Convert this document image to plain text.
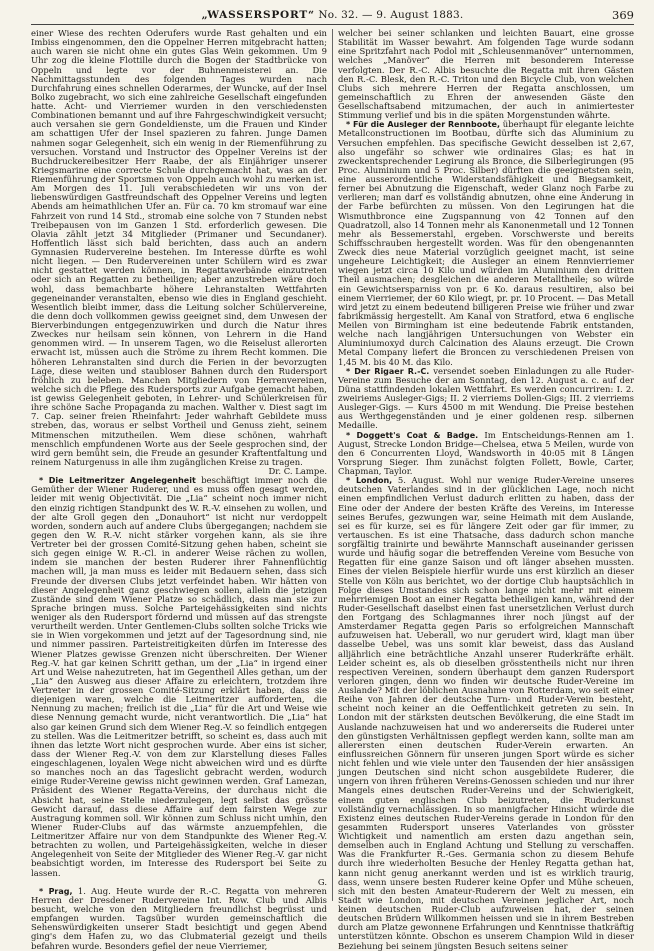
„WASSERSPORT“ No. 32. — 9. August 1883.	369

einer Wiese des rechten Oderufers wurde Rast gehalten und ein Imbiss eingenommen, den die Oppelner Herren mitgebracht hatten; auch waren sie nicht ohne ein gutes Glas Wein gekommen. Um 9 Uhr zog die kleine Flottille durch die Bogen der Stadtbrücke von Oppeln und legte vor der Buhnenmeisterei an. Die Nachmittagsstunden des folgenden Tages wurden nach Durchfahrung eines schnellen Oderarmes, der Wuncke, auf der Insel Bolko zugebracht, wo sich eine zahlreiche Gesellschaft eingefunden hatte. Acht- und Vierriemer wurden in den verschiedensten Combinationen bemannt und auf ihre Fahrgeschwindigkeit versucht; auch versahen sie gern Gondeldienste, um die Frauen und Kinder am schattigen Ufer der Insel spazieren zu fahren. Junge Damen nahmen sogar Gelegenheit, sich ein wenig in der Riemenführung zu versuchen. Vorstand und Instructor des Oppelner Vereins ist der Buchdruckereibesitzer Herr Raabe, der als Einjähriger unserer Kriegsmarine eine correcte Schule durchgemacht hat, was an der Riemenführung der Sportsmen von Oppeln auch wohl zu merken ist. Am Morgen des 11. Juli verabschiedeten wir uns von der liebenswürdigen Gastfreundschaft des Oppelner Vereins und legten Abends am heimathlichen Ufer an. Für ca. 70 km stromauf war eine Fahrzeit von rund 14 Std., stromab eine solche von 7 Stunden nebst Treibepausen von im Ganzen 1 Std. erforderlich gewesen. Die Olavia zählt jetzt 34 Mitglieder (Primaner und Secundaner). Hoffentlich lässt sich bald berichten, dass auch an andern Gymnasien Rudervereine bestehen. Im Interesse dürfte es wohl nicht liegen. — Den Rudervereinen unter Schülern wird es zwar nicht gestattet werden können, in Regattawerbände einzutreten oder sich an Regatten zu betheiligen; aber anzustreben wäre doch wohl, dass bemachbarte höhere Lehranstalten Wettfahrten gegeneinander veranstalten, ebenso wie dies in England geschieht. Wesentlich bleibt immer, dass die Leitung solcher Schülervereine, die denn doch vollkommen gewiss geeignet sind, dem Unwesen der Bierverbindungen entgegenzuwirken und durch die Natur ihres Zweckes nur heilsam sein können, von Lehrern in die Hand genommen wird. — In unserem Tagen, wo die Reiselust allerorten erwacht ist, müssen auch die Ströme zu ihrem Recht kommen. Die höheren Lehranstalten sind durch die Ferien in der bevorzugten Lage, diese weiten und staubloser Bahnen durch den Rudersport fröhlich zu beleben. Manchen Mitgliedern von Herrenvereinen, welche sich die Pflege des Rudersports zur Aufgabe gemacht haben, ist gewiss Gelegenheit geboten, in Lehrer- und Schülerkreisen für ihre schöne Sache Propaganda zu machen. Walther v. Diest sagt im 7. Cap. seiner freien Rheinfahrt: Jeder wahrhaft Gebildete muss streben, das, woraus er selbst Vortheil und Genuss zieht, seinem Mitmenschen mitzutheilen. Wem diese schönen, wahrhaft menschlich empfundenen Worte aus der Seele gesprochen sind, der wird gern bemüht sein, die Freude an gesunder Kraftentfaltung und reinem Naturgenuss in alle ihm zugänglichen Kreise zu tragen.
Dr. C. Lampe.

* Die Leitmeritzer Angelegenheit beschäftigt immer noch die Gemüther der Wiener Ruderer, und es muss offen gesagt werden, leider mit wenig Objectivität. Die „Lia“ scheint noch immer nicht den einzig richtigen Standpunkt des W. R.-V. einsehen zu wollen, und der alte Groll gegen den „Donauhort“ ist nicht nur verdoppelt worden, sondern auch auf andere Clubs übergegangen; nachdem sie gegen den W. R.-V. nicht stärker vorgehen kann, als sie ihre Vertreter bei der grossen Comité-Sitzung gehen haben, scheint sie sich gegen einige W. R.-Cl. in anderer Weise rächen zu wollen, indem sie manchen der besten Ruderer ihrer Fahnenflüchtig machen will, ja man muss es leider mit Bedauern sehen, dass sich Freunde der diversen Clubs jetzt verfeindet haben. Wir hätten von dieser Angelegenheit ganz geschwiegen sollen, allein die jetzigen Zustände sind dem Wiener Platze so schädlich, dass man sie zur Sprache bringen muss. Solche Parteigehässigkeiten sind nichts weniger als den Rudersport fördernd und müssen auf das strengste verurtheilt werden. Unter Gentlemen-Clubs sollten solche Tricks wie sie in Wien vorgekommen und jetzt auf der Tagesordnung sind, nie und nimmer passiren. Parteistreitigkeiten dürfen im Interesse des Wiener Platzes gewisse Grenzen nicht überschreiten. Der Wiener Reg.-V. hat gar keinen Schritt gethan, um der „Lia“ in irgend einer Art und Weise nahezutreten, hat im Gegentheil Alles gethan, um der „Lia“ den Ausweg aus dieser Affaire zu erleichtern, trotzdem ihre Vertreter in der grossen Comité-Sitzung erklärt haben, dass sie diejenigen waren, welche die Leitmeritzer aufforderten, die Nennung zu machen; freilich ist die „Lia“ für die Art und Weise wie diese Nennung gemacht wurde, nicht verantwortlich. Die „Lia“ hat also gar keinen Grund sich dem Wiener Reg.-V. so feindlich entgegen zu stellen. Was die Leitmeritzer betrifft, so scheint es, dass auch mit ihnen das letzte Wort nicht gesprochen wurde. Aber eins ist sicher, dass der Wiener Reg.-V. von dem zur Klarstellung dieses Falles eingeschlagenen, loyalen Wege nicht abweichen wird und es dürfte so manches noch an das Tageslicht gebracht werden, wodurch einige Ruder-Vereine gewiss nicht gewinnen werden. Graf Lamezan, Präsident des Wiener Regatta-Vereins, der durchaus nicht die Absicht hat, seine Stelle niederzulegen, legt selbst das grösste Gewicht darauf, dass diese Affaire auf dem fairsten Wege zur Austragung kommen soll. Wir können zum Schluss nicht umhin, den Wiener Ruder-Clubs auf das wärmste anzuempfehlen, die Leitmeritzer Affaire nur von dem Standpunkte des Wiener Reg.-V. betrachten zu wollen, und Parteigehässigkeiten, welche in dieser Angelegenheit von Seite der Mitglieder des Wiener Reg.-V. gar nicht beabsichtigt worden, im Interesse des Rudersport bei Seite zu lassen.
G.

* Prag, 1. Aug. Heute wurde der R.-C. Regatta von mehreren Herren der Dresdener Rudervereine Int. Row. Club und Albis besucht, welche von den Mitgliedern freundlichst begrüsst und empfangen wurden. Tagsüber wurden gemeinschaftlich die Sehenswürdigkeiten unserer Stadt besichtigt und gegen Abend ging's dem Hafen zu, wo das Clubmaterial gezeigt und theils befahren wurde. Besonders gefiel der neue Vierriemer,

welcher bei seiner schlanken und leichten Bauart, eine grosse Stabilität im Wasser bewahrt. Am folgenden Tage wurde sodann eine Spritzfahrt nach Podol mit „Schleusenmanöver“ unternommen, welches „Manöver“ die Herren mit besonderem Interesse verfolgten. Der R.-C. Albis besuchte die Regatta mit ihren Gästen den R.-C. Blesk, den R.-C. Triton und den Bicycle Club, von welchen Clubs sich mehrere Herren der Regatta anschlossen, um gemeinschaftlich zu Ehren der anwesenden Gäste den Gesellschaftsabend mitzumachen, der auch in animiertester Stimmung verlief und bis in die späten Morgenstunden währte.

* Für die Ausleger der Rennboote, überhaupt für elegante leichte Metallconstructionen im Bootbau, dürfte sich das Aluminium zu Versuchen empfehlen. Das specifische Gewicht desselben ist 2,67, also ungefähr so schwer wie ordinaires Glas; es hat in zweckentsprechender Legirung als Bronce, die Silberlegirungen (95 Proc. Aluminium und 5 Proc. Silber) dürften die geeignetsten sein, eine ausserordentliche Widerstandsfähigkeit und Biegsamkeit, ferner bei Abnutzung die Eigenschaft, weder Glanz noch Farbe zu verlieren; man darf es vollständig abnutzen, ohne eine Änderung in der Farbe befürchten zu müssen. Von den Legirungen hat die Wismuthbronce eine Zugspannung von 42 Tonnen auf den Quadratzoll, also 14 Tonnen mehr als Kanonenmetall und 12 Tonnen mehr als Bessemerstahl, ergeben. Vorschwerste und bereits Schiffsschrauben hergestellt worden. Was für den obengenannten Zweck dies neue Material vorzüglich geeignet macht, ist seine ungeheure Leichtigkeit; die Ausleger an einem Rennvierriemer wiegen jetzt circa 10 Kilo und würden im Aluminium den dritten Theil ausmachen; desgleichen die anderen Metalltheile; so würde ein Gewichtsersparniss von pr. 6 Ko. daraus resultiren, also bei einem Vierriemer, der 60 Kilo wiegt, pr. pr. 10 Procent. — Das Metall wird jetzt zu einem bedeutend billigeren Preise wie früher und zwar fabrikmässig hergestellt. Am Kanal von Stratford, etwa 6 englische Meilen von Birmingham ist eine bedeutende Fabrik entstanden, welche nach langjährigen Untersuchungen von Webster ein Aluminiumoxyd durch Calcination des Alauns erzeugt. Die Crown Metal Company liefert die Broncen zu verschiedenen Preisen von 1,45 M. bis 40 M. das Kilo.

* Der Rigaer R.-C. versendet soeben Einladungen zu alle Ruder-Vereine zum Besuche der am Sonntag, den 12. August a. c. auf der Düna stattfindenden lokalen Wettfahrt. Es werden concurriren: I. 2. zweiriems Ausleger-Gigs; II. 2 vierriems Dollen-Gigs; III. 2 vierriems Ausleger-Gigs. — Kurs 4500 m mit Wendung. Die Preise bestehen aus Werthgegenständen und je einer goldenen resp. silbernen Medaille.

* Doggett's Coat & Badge. Im Entscheidungs-Rennen am 1. August, Strecke London Bridge—Chelsea, etwa 5 Meilen, wurde von den 6 Concurrenten Lloyd, Wandsworth in 40:05 mit 8 Längen Vorsprung Sieger. Ihm zunächst folgten Follett, Bowle, Carter, Chapman, Taylor.

* London, 5. August. Wohl nur wenige Ruder-Vereine unseres deutschen Vaterlandes sind in der glücklichen Lage, noch nicht einen empfindlichen Verlust dadurch erlitten zu haben, dass der Eine oder der Andere der besten Kräfte des Vereins, im Interesse seines Berufes, gezwungen war, seine Heimath mit dem Auslande, sei es für kurze, sei es für längere Zeit oder gar für immer, zu vertauschen. Es ist eine Thatsache, dass dadurch schon manche sorgfältig trainirte und bewährte Mannschaft auseinander gerissen wurde und häufig sogar die betreffenden Vereine vom Besuche von Regatten für eine ganze Saison und oft länger absehen mussten. Eines der vielen Beispiele hierfür wurde uns erst kürzlich an dieser Stelle von Köln aus berichtet, wo der dortige Club hauptsächlich in Folge dieses Umstandes sich schon lange nicht mehr mit einem mehrriemigen Boot an einer Regatta betheiligen kann, während der Ruder-Gesellschaft daselbst einen fast unersetzlichen Verlust durch den Fortgang des Schlagmannes ihrer noch jüngst auf der Amsterdamer Regatta gegen Paris so erfolgreichen Mannschaft aufzuweisen hat. Ueberall, wo nur gerudert wird, klagt man über dasselbe Uebel, was uns somit klar beweist, dass das Ausland alljährlich eine beträchtliche Anzahl unserer Ruderkräfte erhält. Leider scheint es, als ob dieselben grösstentheils nicht nur ihren respectiven Vereinen, sondern überhaupt dem ganzen Rudersport verloren gingen, denn wo finden wir deutsche Ruder-Vereine im Auslande? Mit der löblichen Ausnahme von Rotterdam, wo seit einer Reihe von Jahren der deutsche Turn- und Ruder-Verein besteht, scheint noch keiner an die Oeffentlichkeit getreten zu sein. In London mit der stärksten deutschen Bevölkerung, die eine Stadt im Auslande nachzuweisen hat und wo andererseits die Ruderei unter den günstigsten Verhältnissen gepflegt werden kann, sollte man am allerersten einen deutschen Ruder-Verein erwarten. An einflussreichen Gönnern für unseren jungen Sport würde es sicher nicht fehlen und wie viele unter den Tausenden der hier ansässigen jungen Deutschen sind nicht schon ausgebildete Ruderer, die ungern von ihren früheren Vereins-Genossen schieden und nur ihrer Mangels eines deutschen Ruder-Vereins und der Schwierigkeit, einem guten englischen Club beizutreten, die Ruderkunst vollständig vernachlässigen. In so mannigfacher Hinsicht würde die Existenz eines deutschen Ruder-Vereins gerade in London für den gesammten Rudersport unseres Vaterlandes von grösster Wichtigkeit und namentlich am ersten dazu angethan sein, demselben auch in England Achtung und Stellung zu verschaffen. Was die Frankfurter R.-Ges. Germania schon zu diesem Behufe durch ihre wiederholten Besuche der Henley Regatta gethan hat, kann nicht genug anerkannt werden und ist es wirklich traurig, dass, wenn unsere besten Ruderer keine Opfer und Mühe scheuen, sich mit den besten Amateur-Ruderern der Welt zu messen, ein Stadt wie London, mit deutschen Vereinen jeglicher Art, noch keinen deutschen Ruder-Club aufzuweisen hat, der seinen deutschen Brüdern Willkommen heissen und sie in ihrem Bestreben durch am Platze gewonnene Erfahrungen und Kenntnisse thatkräftig unterstützen könnte. Obschon es unserem Champion Wild in dieser Beziehung bei seinem jüngsten Besuch seitens seiner
